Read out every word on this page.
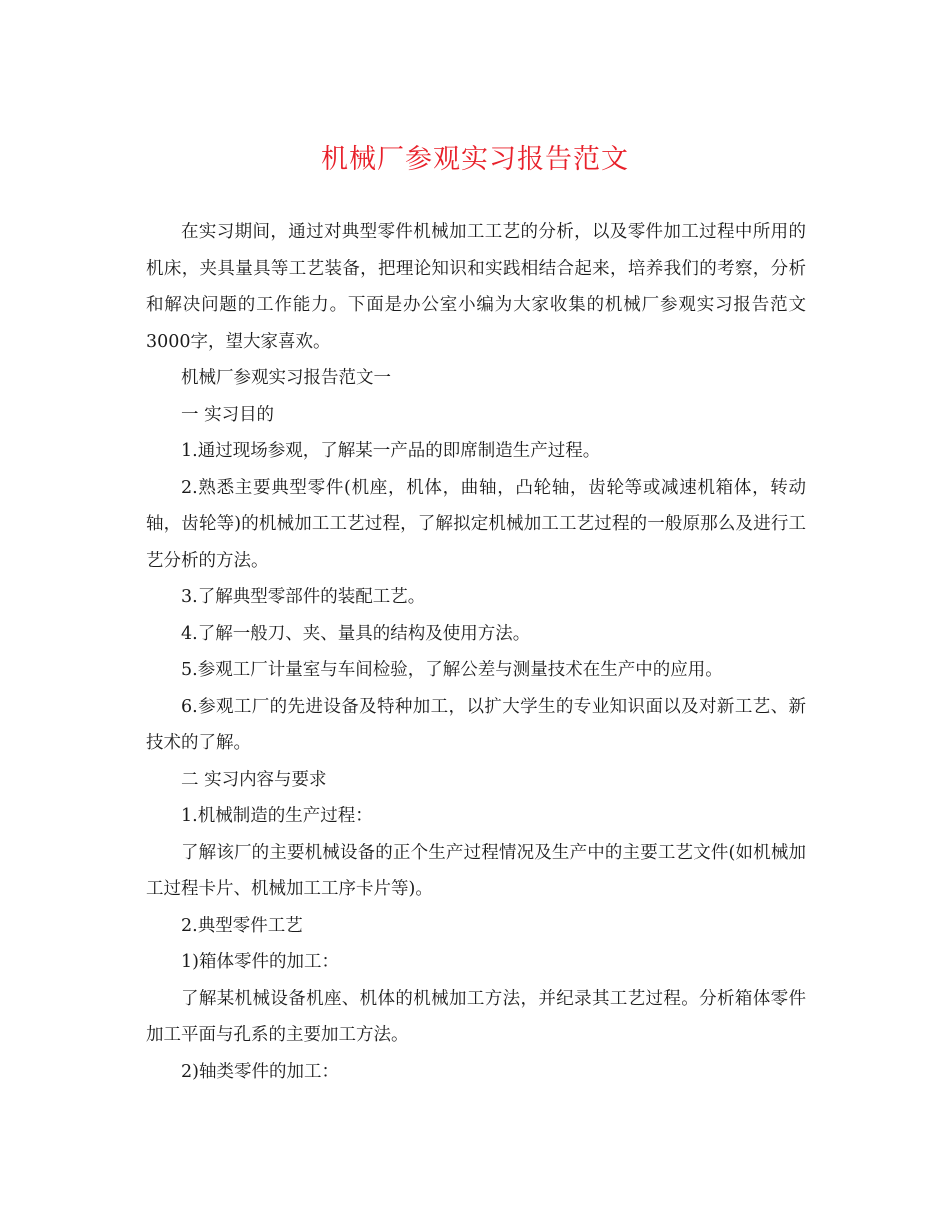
机械厂参观实习报告范文

在实习期间，通过对典型零件机械加工工艺的分析，以及零件加工过程中所用的机床，夹具量具等工艺装备，把理论知识和实践相结合起来，培养我们的考察，分析和解决问题的工作能力。下面是办公室小编为大家收集的机械厂参观实习报告范文3000字，望大家喜欢。

机械厂参观实习报告范文一

一 实习目的

1.通过现场参观，了解某一产品的即席制造生产过程。

2.熟悉主要典型零件(机座，机体，曲轴，凸轮轴，齿轮等或减速机箱体，转动轴，齿轮等)的机械加工工艺过程，了解拟定机械加工工艺过程的一般原那么及进行工艺分析的方法。

3.了解典型零部件的装配工艺。

4.了解一般刀、夹、量具的结构及使用方法。

5.参观工厂计量室与车间检验，了解公差与测量技术在生产中的应用。

6.参观工厂的先进设备及特种加工，以扩大学生的专业知识面以及对新工艺、新技术的了解。

二 实习内容与要求

1.机械制造的生产过程：

了解该厂的主要机械设备的正个生产过程情况及生产中的主要工艺文件(如机械加工过程卡片、机械加工工序卡片等)。

2.典型零件工艺

1)箱体零件的加工：

了解某机械设备机座、机体的机械加工方法，并纪录其工艺过程。分析箱体零件加工平面与孔系的主要加工方法。

2)轴类零件的加工：
